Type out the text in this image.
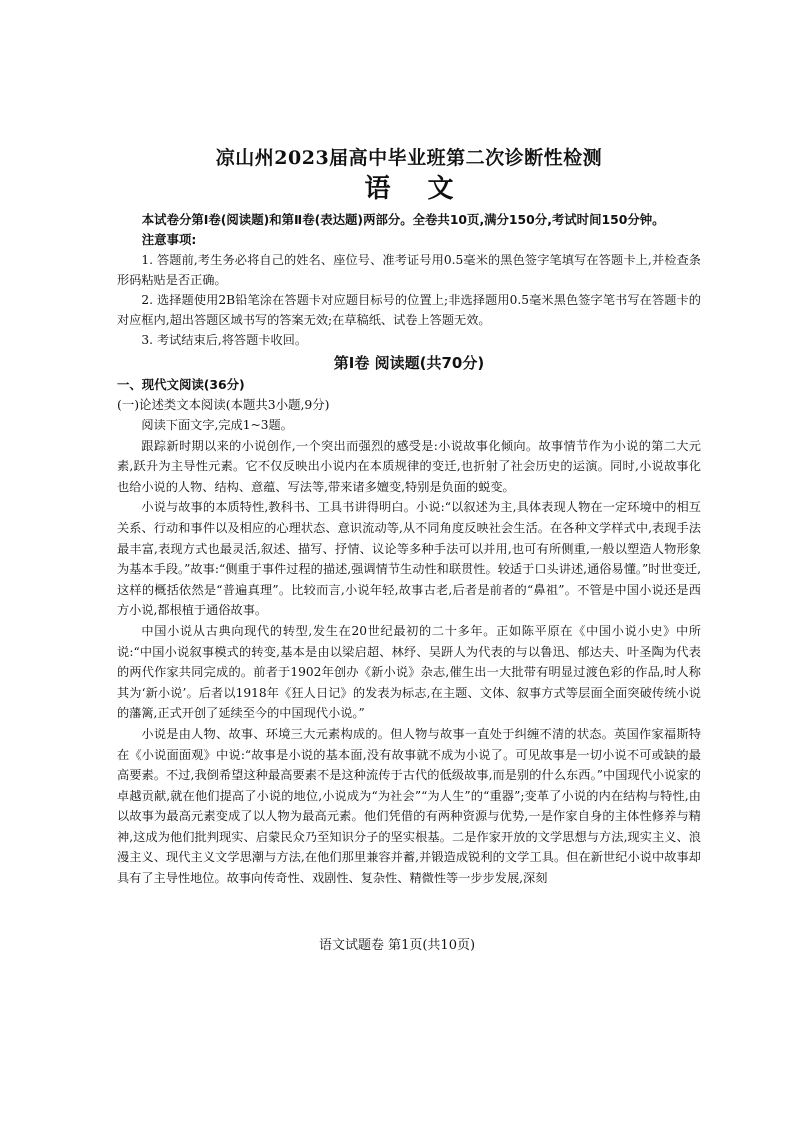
凉山州2023届高中毕业班第二次诊断性检测
语 文

本试卷分第Ⅰ卷(阅读题)和第Ⅱ卷(表达题)两部分。全卷共10页,满分150分,考试时间150分钟。

注意事项:

1. 答题前,考生务必将自己的姓名、座位号、准考证号用0.5毫米的黑色签字笔填写在答题卡上,并检查条形码粘贴是否正确。

2. 选择题使用2B铅笔涂在答题卡对应题目标号的位置上;非选择题用0.5毫米黑色签字笔书写在答题卡的对应框内,超出答题区域书写的答案无效;在草稿纸、试卷上答题无效。

3. 考试结束后,将答题卡收回。

第Ⅰ卷 阅读题(共70分)

一、现代文阅读(36分)

(一)论述类文本阅读(本题共3小题,9分)

阅读下面文字,完成1~3题。

跟踪新时期以来的小说创作,一个突出而强烈的感受是:小说故事化倾向。故事情节作为小说的第二大元素,跃升为主导性元素。它不仅反映出小说内在本质规律的变迁,也折射了社会历史的运演。同时,小说故事化也给小说的人物、结构、意蕴、写法等,带来诸多嬗变,特别是负面的蜕变。

小说与故事的本质特性,教科书、工具书讲得明白。小说:“以叙述为主,具体表现人物在一定环境中的相互关系、行动和事件以及相应的心理状态、意识流动等,从不同角度反映社会生活。在各种文学样式中,表现手法最丰富,表现方式也最灵活,叙述、描写、抒情、议论等多种手法可以并用,也可有所侧重,一般以塑造人物形象为基本手段。”故事:“侧重于事件过程的描述,强调情节生动性和联贯性。较适于口头讲述,通俗易懂。”时世变迁,这样的概括依然是“普遍真理”。比较而言,小说年轻,故事古老,后者是前者的“鼻祖”。不管是中国小说还是西方小说,都根植于通俗故事。

中国小说从古典向现代的转型,发生在20世纪最初的二十多年。正如陈平原在《中国小说小史》中所说:“中国小说叙事模式的转变,基本是由以梁启超、林纾、吴趼人为代表的与以鲁迅、郁达夫、叶圣陶为代表的两代作家共同完成的。前者于1902年创办《新小说》杂志,催生出一大批带有明显过渡色彩的作品,时人称其为‘新小说’。后者以1918年《狂人日记》的发表为标志,在主题、文体、叙事方式等层面全面突破传统小说的藩篱,正式开创了延续至今的中国现代小说。”

小说是由人物、故事、环境三大元素构成的。但人物与故事一直处于纠缠不清的状态。英国作家福斯特在《小说面面观》中说:“故事是小说的基本面,没有故事就不成为小说了。可见故事是一切小说不可或缺的最高要素。不过,我倒希望这种最高要素不是这种流传于古代的低级故事,而是别的什么东西。”中国现代小说家的卓越贡献,就在他们提高了小说的地位,小说成为“为社会”“为人生”的“重器”;变革了小说的内在结构与特性,由以故事为最高元素变成了以人物为最高元素。他们凭借的有两种资源与优势,一是作家自身的主体性修养与精神,这成为他们批判现实、启蒙民众乃至知识分子的坚实根基。二是作家开放的文学思想与方法,现实主义、浪漫主义、现代主义文学思潮与方法,在他们那里兼容并蓄,并锻造成锐利的文学工具。但在新世纪小说中故事却具有了主导性地位。故事向传奇性、戏剧性、复杂性、精微性等一步步发展,深刻

语文试题卷 第1页(共10页)
